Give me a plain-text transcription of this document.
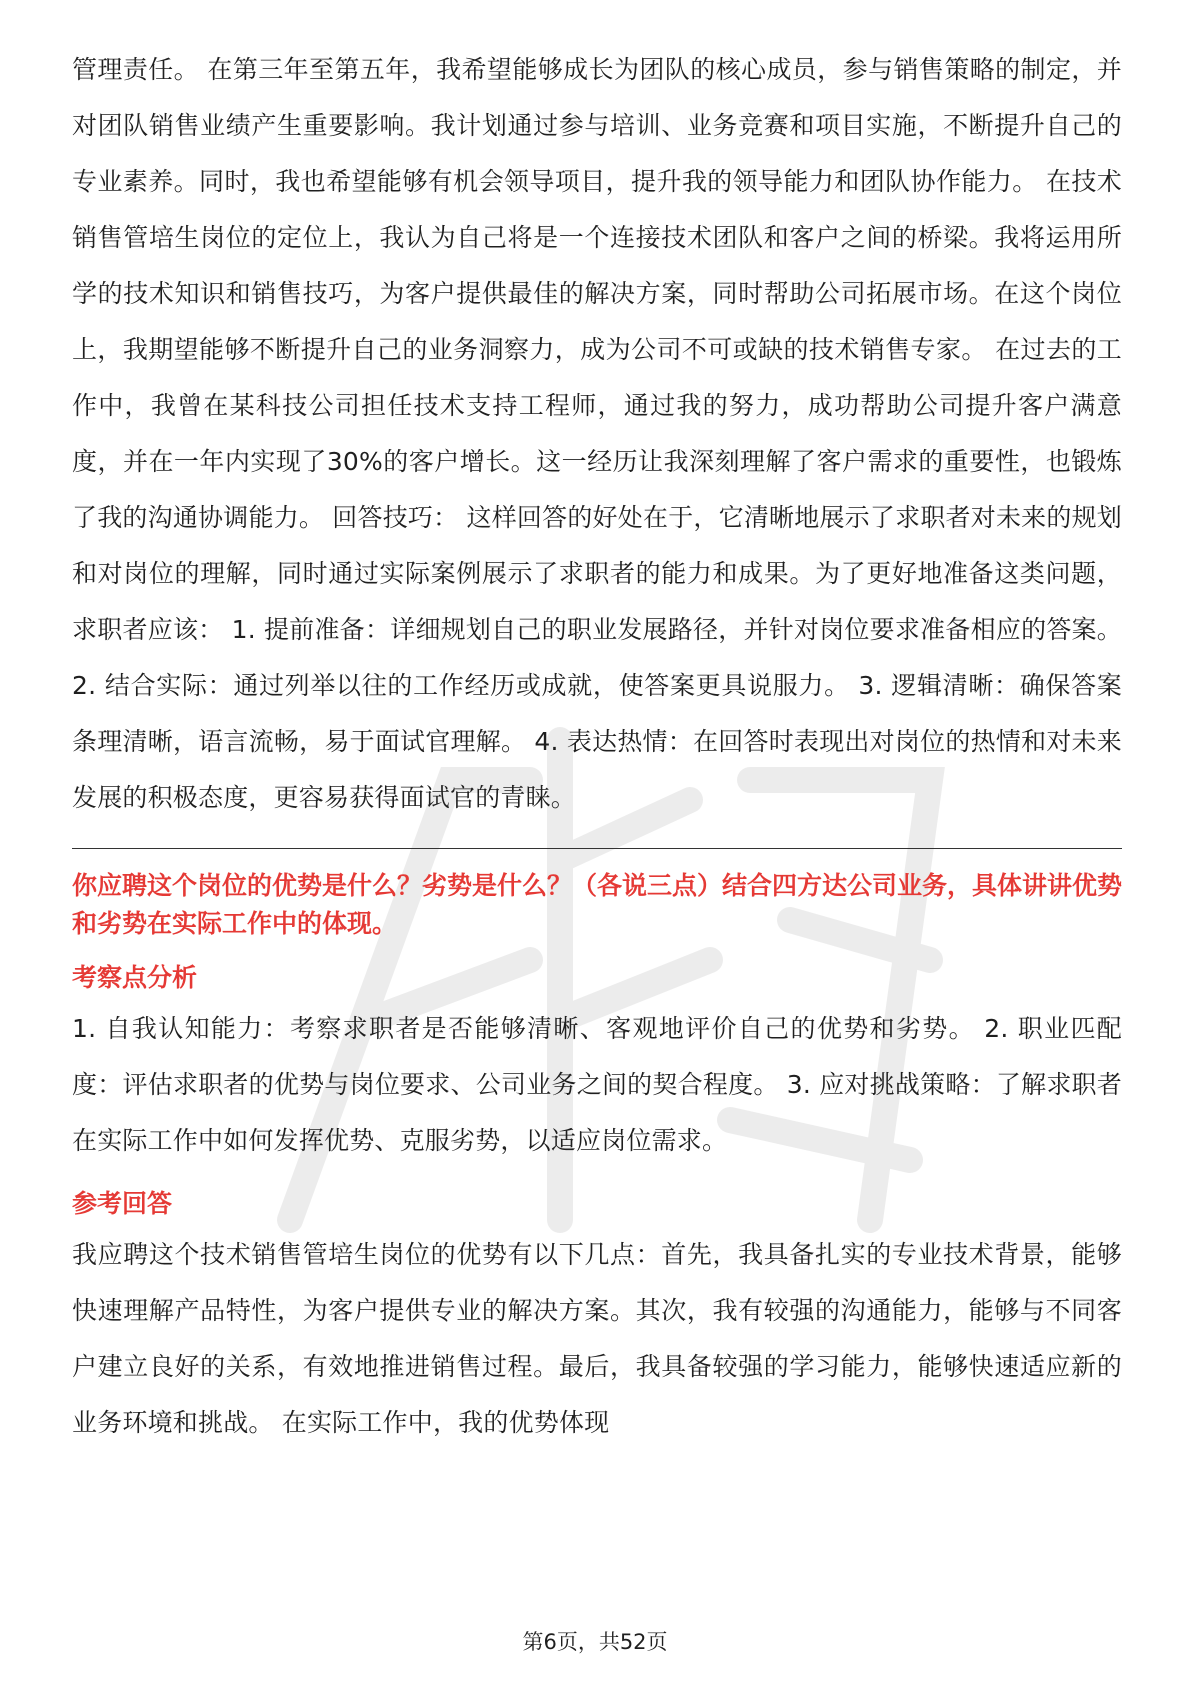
管理责任。 在第三年至第五年，我希望能够成长为团队的核心成员，参与销售策略的制定，并对团队销售业绩产生重要影响。我计划通过参与培训、业务竞赛和项目实施，不断提升自己的专业素养。同时，我也希望能够有机会领导项目，提升我的领导能力和团队协作能力。 在技术销售管培生岗位的定位上，我认为自己将是一个连接技术团队和客户之间的桥梁。我将运用所学的技术知识和销售技巧，为客户提供最佳的解决方案，同时帮助公司拓展市场。在这个岗位上，我期望能够不断提升自己的业务洞察力，成为公司不可或缺的技术销售专家。 在过去的工作中，我曾在某科技公司担任技术支持工程师，通过我的努力，成功帮助公司提升客户满意度，并在一年内实现了30%的客户增长。这一经历让我深刻理解了客户需求的重要性，也锻炼了我的沟通协调能力。 回答技巧： 这样回答的好处在于，它清晰地展示了求职者对未来的规划和对岗位的理解，同时通过实际案例展示了求职者的能力和成果。为了更好地准备这类问题，求职者应该： 1. 提前准备：详细规划自己的职业发展路径，并针对岗位要求准备相应的答案。 2. 结合实际：通过列举以往的工作经历或成就，使答案更具说服力。 3. 逻辑清晰：确保答案条理清晰，语言流畅，易于面试官理解。 4. 表达热情：在回答时表现出对岗位的热情和对未来发展的积极态度，更容易获得面试官的青睐。

你应聘这个岗位的优势是什么？劣势是什么？（各说三点）结合四方达公司业务，具体讲讲优势和劣势在实际工作中的体现。

考察点分析

1. 自我认知能力：考察求职者是否能够清晰、客观地评价自己的优势和劣势。 2. 职业匹配度：评估求职者的优势与岗位要求、公司业务之间的契合程度。 3. 应对挑战策略：了解求职者在实际工作中如何发挥优势、克服劣势，以适应岗位需求。

参考回答

我应聘这个技术销售管培生岗位的优势有以下几点：首先，我具备扎实的专业技术背景，能够快速理解产品特性，为客户提供专业的解决方案。其次，我有较强的沟通能力，能够与不同客户建立良好的关系，有效地推进销售过程。最后，我具备较强的学习能力，能够快速适应新的业务环境和挑战。 在实际工作中，我的优势体现

第6页，共52页
